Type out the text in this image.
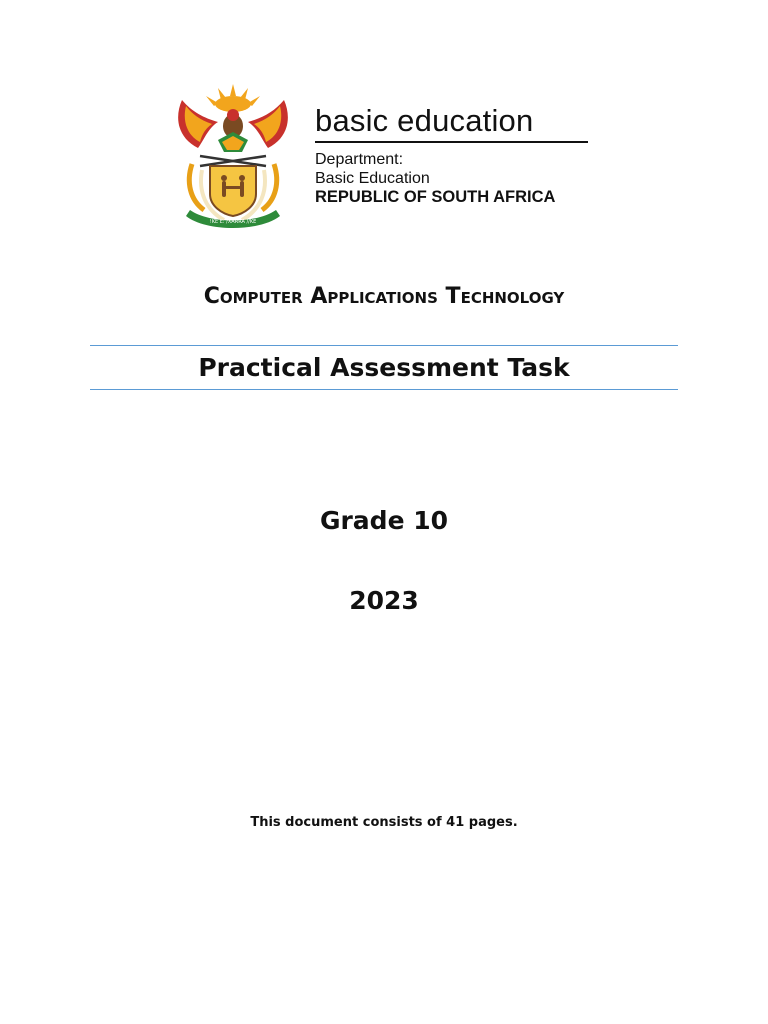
!KE E: /XARRA //KE
basic education
Department:
Basic Education
REPUBLIC OF SOUTH AFRICA
Computer Applications Technology
Practical Assessment Task
Grade 10
2023
This document consists of 41 pages.
